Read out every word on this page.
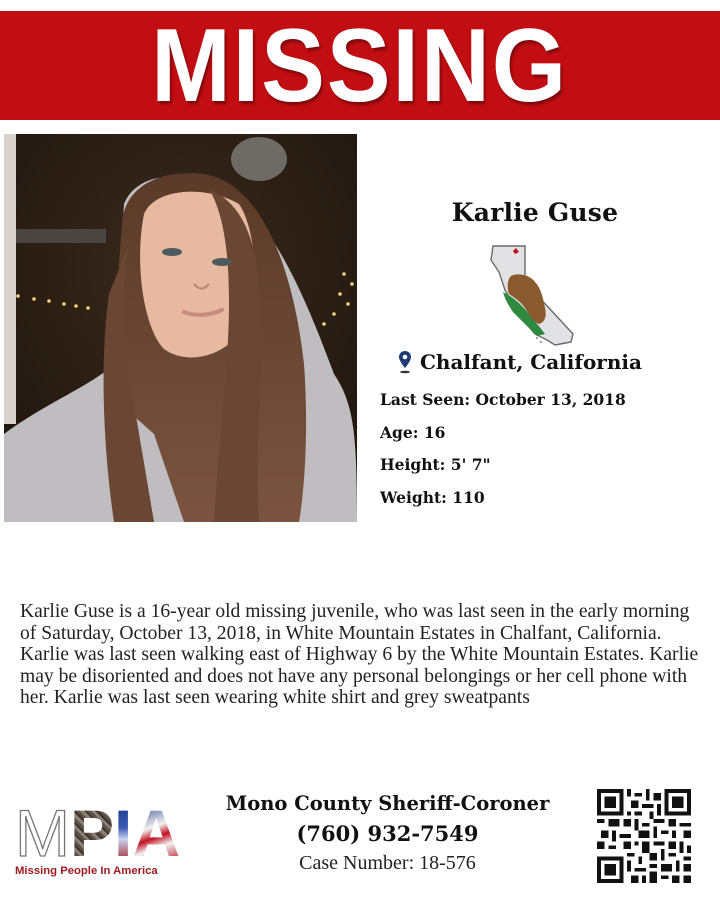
MISSING
Karlie Guse
Chalfant, California
Last Seen: October 13, 2018
Age: 16
Height: 5' 7"
Weight: 110

Karlie Guse is a 16-year old missing juvenile, who was last seen in the early morning of Saturday, October 13, 2018, in White Mountain Estates in Chalfant, California. Karlie was last seen walking east of Highway 6 by the White Mountain Estates. Karlie may be disoriented and does not have any personal belongings or her cell phone with her. Karlie was last seen wearing white shirt and grey sweatpants

M P I A
Missing People In America
Mono County Sheriff-Coroner
(760) 932-7549
Case Number: 18-576
